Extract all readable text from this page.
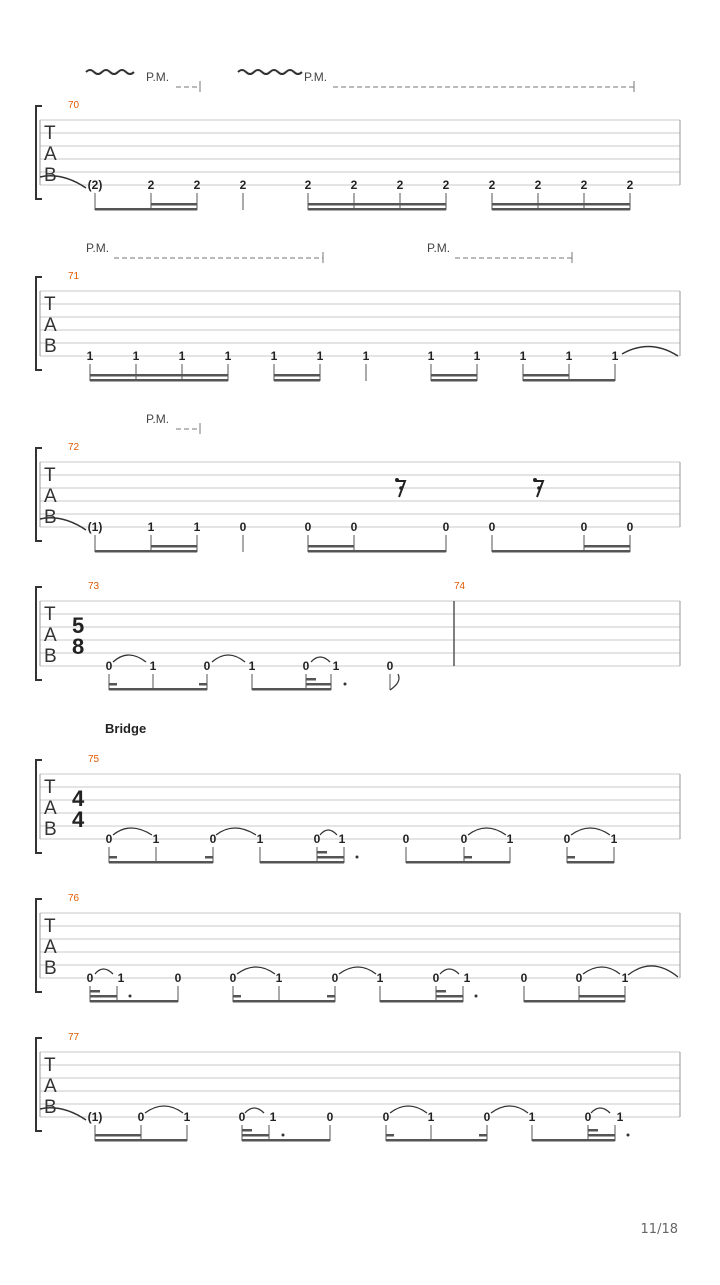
P.M.	P.M.
70
T
A
B	(2)	2	2	2	2	2	2	2	2	2	2	2
P.M.	P.M.
71
T
A
B 1	1	1	1	1	1	1	1	1	1	1	1
P.M.
72
T
A
B	(1)	1	1	0	0	0	0	0	0	0
73	74
T
A
B
5
8
0	1	0	1	0 1	0
Bridge
75
T
A
B
4
4
0	1	0	1	0 1	0	0	1	0	1
76
T
A
B 0 1	0	0	1	0	1	0 1	0	0	1
77
T
A
B	(1)	0	1	0 1	0	0	1	0	1	0 1
11/18
